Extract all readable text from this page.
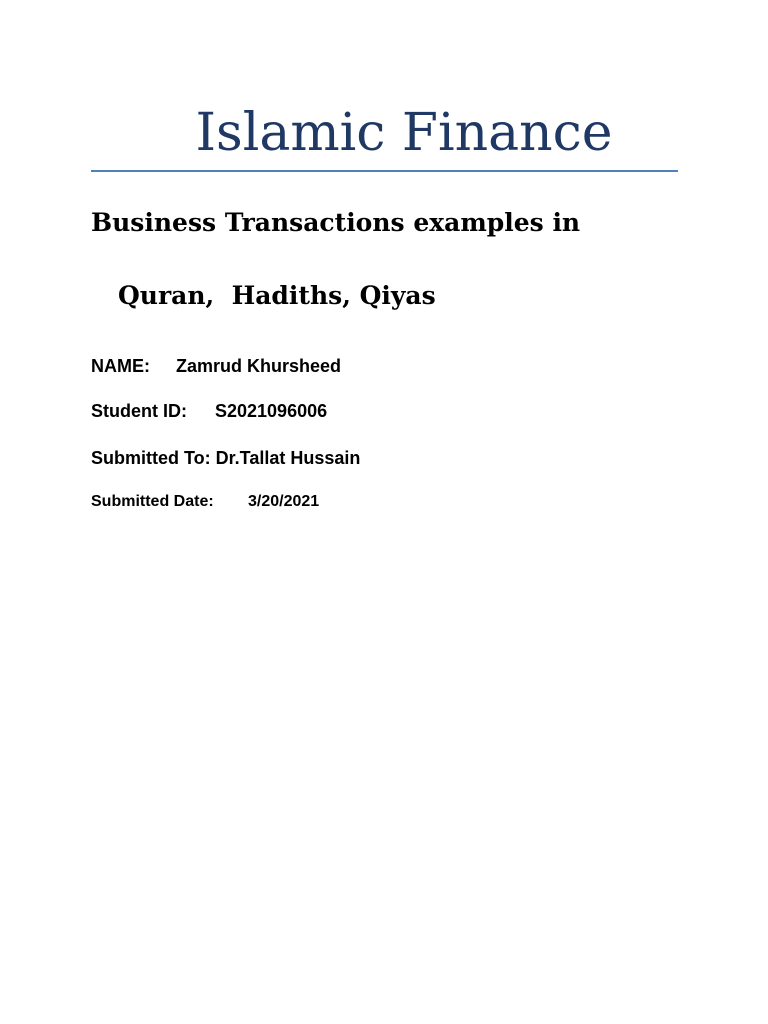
Islamic Finance
Business Transactions examples in
Quran,  Hadiths, Qiyas
NAME: Zamrud Khursheed
Student ID: S2021096006
Submitted To: Dr.Tallat Hussain
Submitted Date: 3/20/2021
